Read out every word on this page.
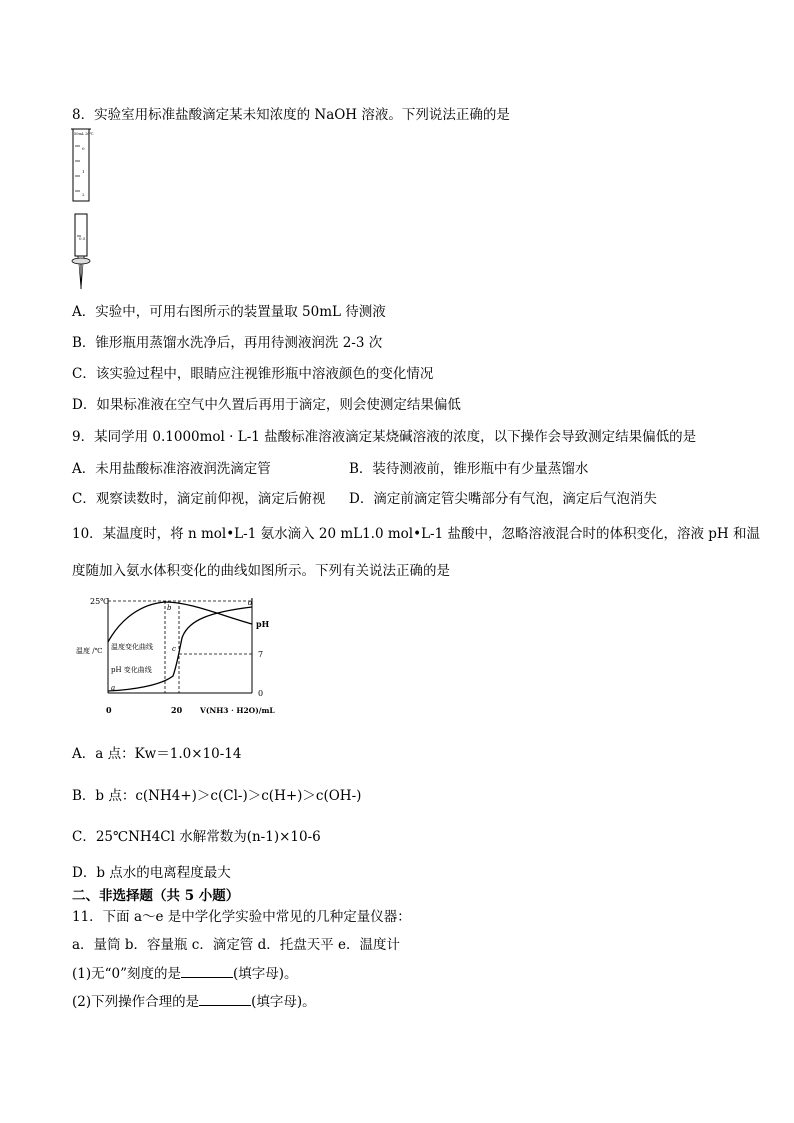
8．实验室用标准盐酸滴定某未知浓度的 NaOH 溶液。下列说法正确的是
50mL 20℃
0
1
2
0.5
A．实验中，可用右图所示的装置量取 50mL 待测液
B．锥形瓶用蒸馏水洗净后，再用待测液润洗 2-3 次
C．该实验过程中，眼睛应注视锥形瓶中溶液颜色的变化情况
D．如果标准液在空气中久置后再用于滴定，则会使测定结果偏低
9．某同学用 0.1000mol · L-1 盐酸标准溶液滴定某烧碱溶液的浓度，以下操作会导致测定结果偏低的是
A．未用盐酸标准溶液润洗滴定管	B．装待测液前，锥形瓶中有少量蒸馏水
C．观察读数时，滴定前仰视，滴定后俯视 D．滴定前滴定管尖嘴部分有气泡，滴定后气泡消失
10．某温度时，将 n mol•L-1 氨水滴入 20 mL1.0 mol•L-1 盐酸中，忽略溶液混合时的体积变化，溶液 pH 和温
度随加入氨水体积变化的曲线如图所示。下列有关说法正确的是
25℃
温度 /℃
pH
7
0
0	20 V(NH3 · H2O)/mL
温度变化曲线
pH 变化曲线
a
b
c
d
A．a 点：Kw＝1.0×10-14
B．b 点：c(NH4+)＞c(Cl-)＞c(H+)＞c(OH-)
C．25℃NH4Cl 水解常数为(n-1)×10-6
D．b 点水的电离程度最大
二、非选择题（共 5 小题）
11．下面 a～e 是中学化学实验中常见的几种定量仪器：
a．量筒 b．容量瓶 c．滴定管 d．托盘天平 e．温度计
(1)无“0”刻度的是	(填字母)。
(2)下列操作合理的是	(填字母)。
